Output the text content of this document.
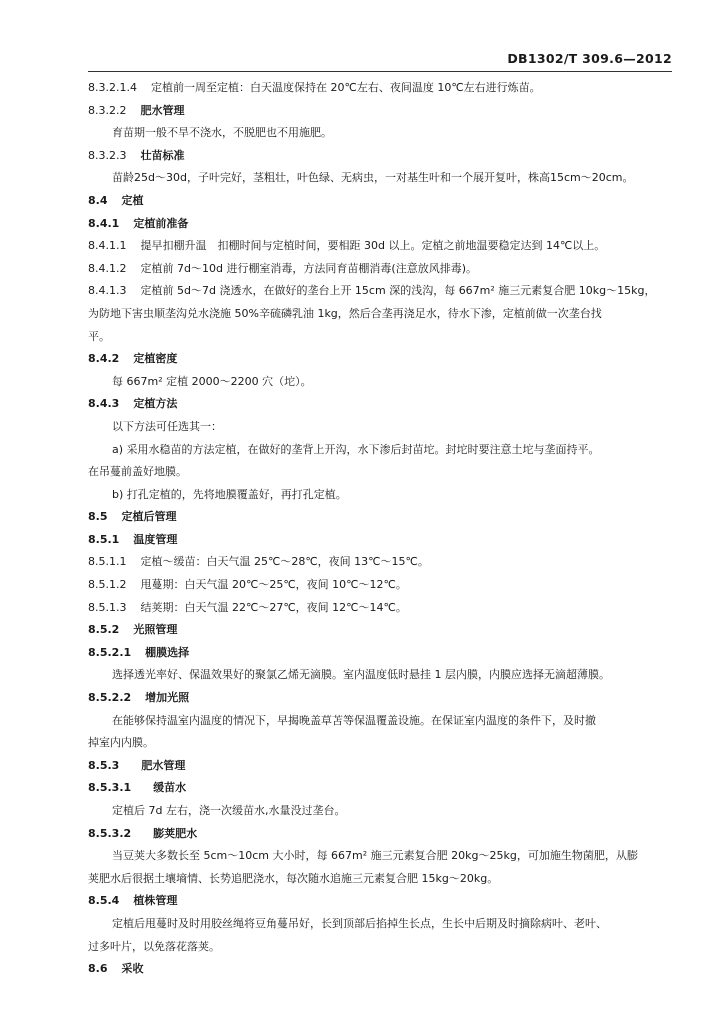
DB1302/T 309.6—2012
8.3.2.1.4 定植前一周至定植：白天温度保持在 20℃左右、夜间温度 10℃左右进行炼苗。
8.3.2.2 肥水管理
育苗期一般不旱不浇水，不脱肥也不用施肥。
8.3.2.3 壮苗标准
苗龄25d～30d，子叶完好，茎粗壮，叶色绿、无病虫，一对基生叶和一个展开复叶，株高15cm～20cm。
8.4 定植
8.4.1 定植前准备
8.4.1.1 提早扣棚升温　扣棚时间与定植时间，要相距 30d 以上。定植之前地温要稳定达到 14℃以上。
8.4.1.2 定植前 7d～10d 进行棚室消毒，方法同育苗棚消毒(注意放风排毒)。
8.4.1.3 定植前 5d～7d 浇透水，在做好的垄台上开 15cm 深的浅沟，每 667m² 施三元素复合肥 10kg～15kg，
为防地下害虫顺垄沟兑水浇施 50%辛硫磷乳油 1kg，然后合垄再浇足水，待水下渗，定植前做一次垄台找
平。
8.4.2 定植密度
每 667m² 定植 2000～2200 穴（坨）。
8.4.3 定植方法
以下方法可任选其一：
a) 采用水稳苗的方法定植，在做好的垄背上开沟，水下渗后封苗坨。封坨时要注意土坨与垄面持平。
在吊蔓前盖好地膜。
b) 打孔定植的，先将地膜覆盖好，再打孔定植。
8.5 定植后管理
8.5.1 温度管理
8.5.1.1 定植～缓苗：白天气温 25℃～28℃，夜间 13℃～15℃。
8.5.1.2 甩蔓期：白天气温 20℃～25℃，夜间 10℃～12℃。
8.5.1.3 结荚期：白天气温 22℃～27℃，夜间 12℃～14℃。
8.5.2 光照管理
8.5.2.1 棚膜选择
选择透光率好、保温效果好的聚氯乙烯无滴膜。室内温度低时悬挂 1 层内膜，内膜应选择无滴超薄膜。
8.5.2.2 增加光照
在能够保持温室内温度的情况下，早揭晚盖草苫等保温覆盖设施。在保证室内温度的条件下，及时撤
掉室内内膜。
8.5.3 肥水管理
8.5.3.1 缓苗水
定植后 7d 左右，浇一次缓苗水,水量没过垄台。
8.5.3.2 膨荚肥水
当豆荚大多数长至 5cm～10cm 大小时，每 667m² 施三元素复合肥 20kg～25kg，可加施生物菌肥，从膨
荚肥水后很据土壤墒情、长势追肥浇水，每次随水追施三元素复合肥 15kg～20kg。
8.5.4 植株管理
定植后甩蔓时及时用胶丝绳将豆角蔓吊好，长到顶部后掐掉生长点，生长中后期及时摘除病叶、老叶、
过多叶片，以免落花落荚。
8.6 采收
